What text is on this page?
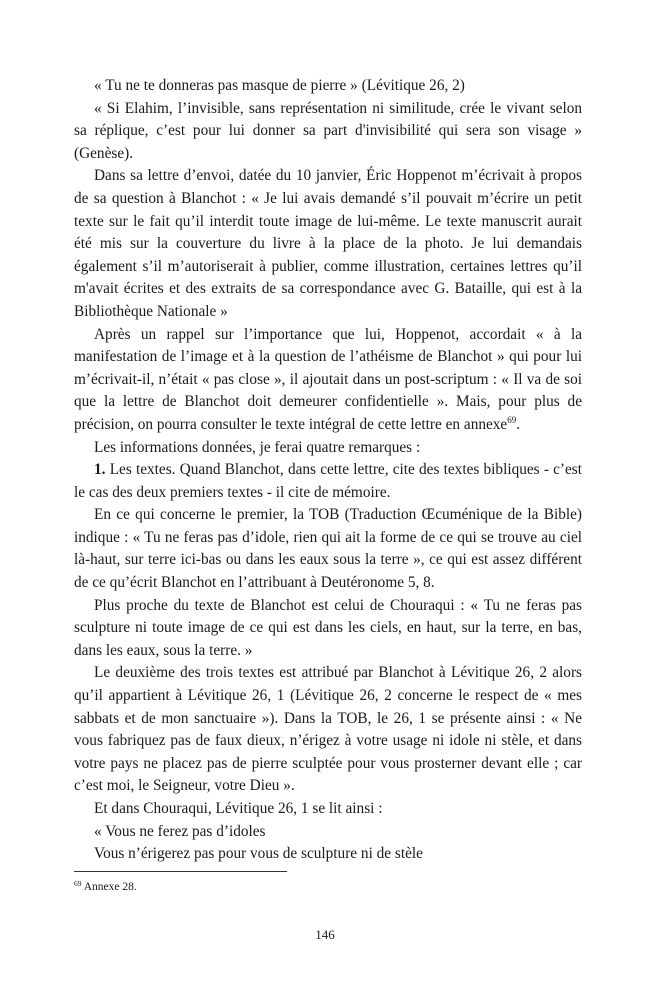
« Tu ne te donneras pas masque de pierre » (Lévitique 26, 2)

« Si Elahim, l’invisible, sans représentation ni similitude, crée le vivant selon sa réplique, c’est pour lui donner sa part d'invisibilité qui sera son visage » (Genèse).

Dans sa lettre d’envoi, datée du 10 janvier, Éric Hoppenot m’écrivait à propos de sa question à Blanchot : « Je lui avais demandé s’il pouvait m’écrire un petit texte sur le fait qu’il interdit toute image de lui-même. Le texte manuscrit aurait été mis sur la couverture du livre à la place de la photo. Je lui demandais également s’il m’autoriserait à publier, comme illustration, certaines lettres qu’il m'avait écrites et des extraits de sa correspondance avec G. Bataille, qui est à la Bibliothèque Nationale »

Après un rappel sur l’importance que lui, Hoppenot, accordait « à la manifestation de l’image et à la question de l’athéisme de Blanchot » qui pour lui m’écrivait-il, n’était « pas close », il ajoutait dans un post-scriptum : « Il va de soi que la lettre de Blanchot doit demeurer confidentielle ». Mais, pour plus de précision, on pourra consulter le texte intégral de cette lettre en annexe$^{69}$.

Les informations données, je ferai quatre remarques :

1. Les textes. Quand Blanchot, dans cette lettre, cite des textes bibliques - c’est le cas des deux premiers textes - il cite de mémoire.

En ce qui concerne le premier, la TOB (Traduction Œcuménique de la Bible) indique : « Tu ne feras pas d’idole, rien qui ait la forme de ce qui se trouve au ciel là-haut, sur terre ici-bas ou dans les eaux sous la terre », ce qui est assez différent de ce qu’écrit Blanchot en l’attribuant à Deutéronome 5, 8.

Plus proche du texte de Blanchot est celui de Chouraqui : « Tu ne feras pas sculpture ni toute image de ce qui est dans les ciels, en haut, sur la terre, en bas, dans les eaux, sous la terre. »

Le deuxième des trois textes est attribué par Blanchot à Lévitique 26, 2 alors qu’il appartient à Lévitique 26, 1 (Lévitique 26, 2 concerne le respect de « mes sabbats et de mon sanctuaire »). Dans la TOB, le 26, 1 se présente ainsi : « Ne vous fabriquez pas de faux dieux, n’érigez à votre usage ni idole ni stèle, et dans votre pays ne placez pas de pierre sculptée pour vous prosterner devant elle ; car c’est moi, le Seigneur, votre Dieu ».

Et dans Chouraqui, Lévitique 26, 1 se lit ainsi :

« Vous ne ferez pas d’idoles

Vous n’érigerez pas pour vous de sculpture ni de stèle

$^{69}$ Annexe 28.
146
